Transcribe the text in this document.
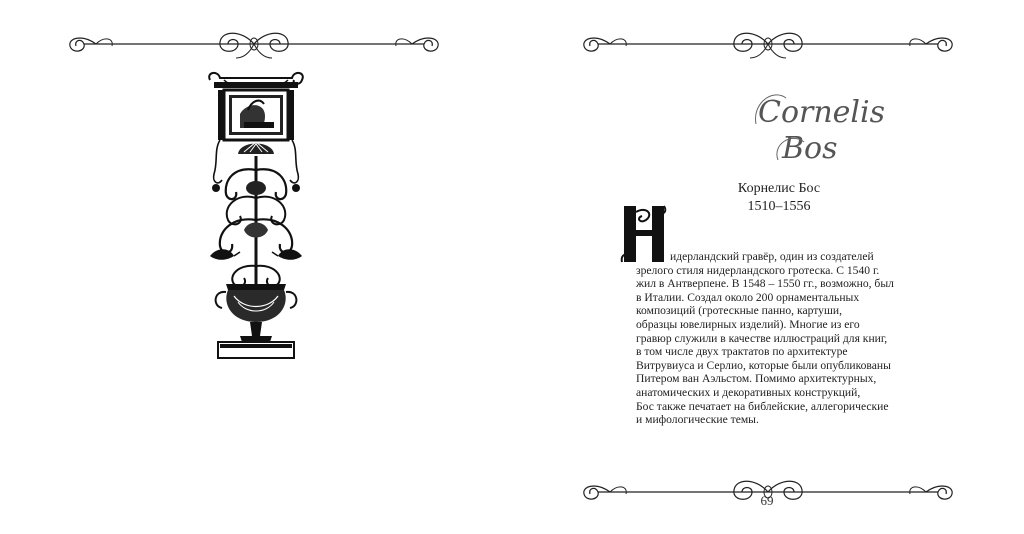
Cornelis
Bos
Корнелис Бос
1510–1556
Н
идерландский гравёр, один из создателей
зрелого стиля нидерландского гротеска. С 1540 г.
жил в Антверпене. В 1548 – 1550 гг., возможно, был
в Италии. Создал около 200 орнаментальных
композиций (гротескные панно, картуши,
образцы ювелирных изделий). Многие из его
гравюр служили в качестве иллюстраций для книг,
в том числе двух трактатов по архитектуре
Витрувиуса и Серлио, которые были опубликованы
Питером ван Аэльстом. Помимо архитектурных,
анатомических и декоративных конструкций,
Бос также печатает на библейские, аллегорические
и мифологические темы.
69
